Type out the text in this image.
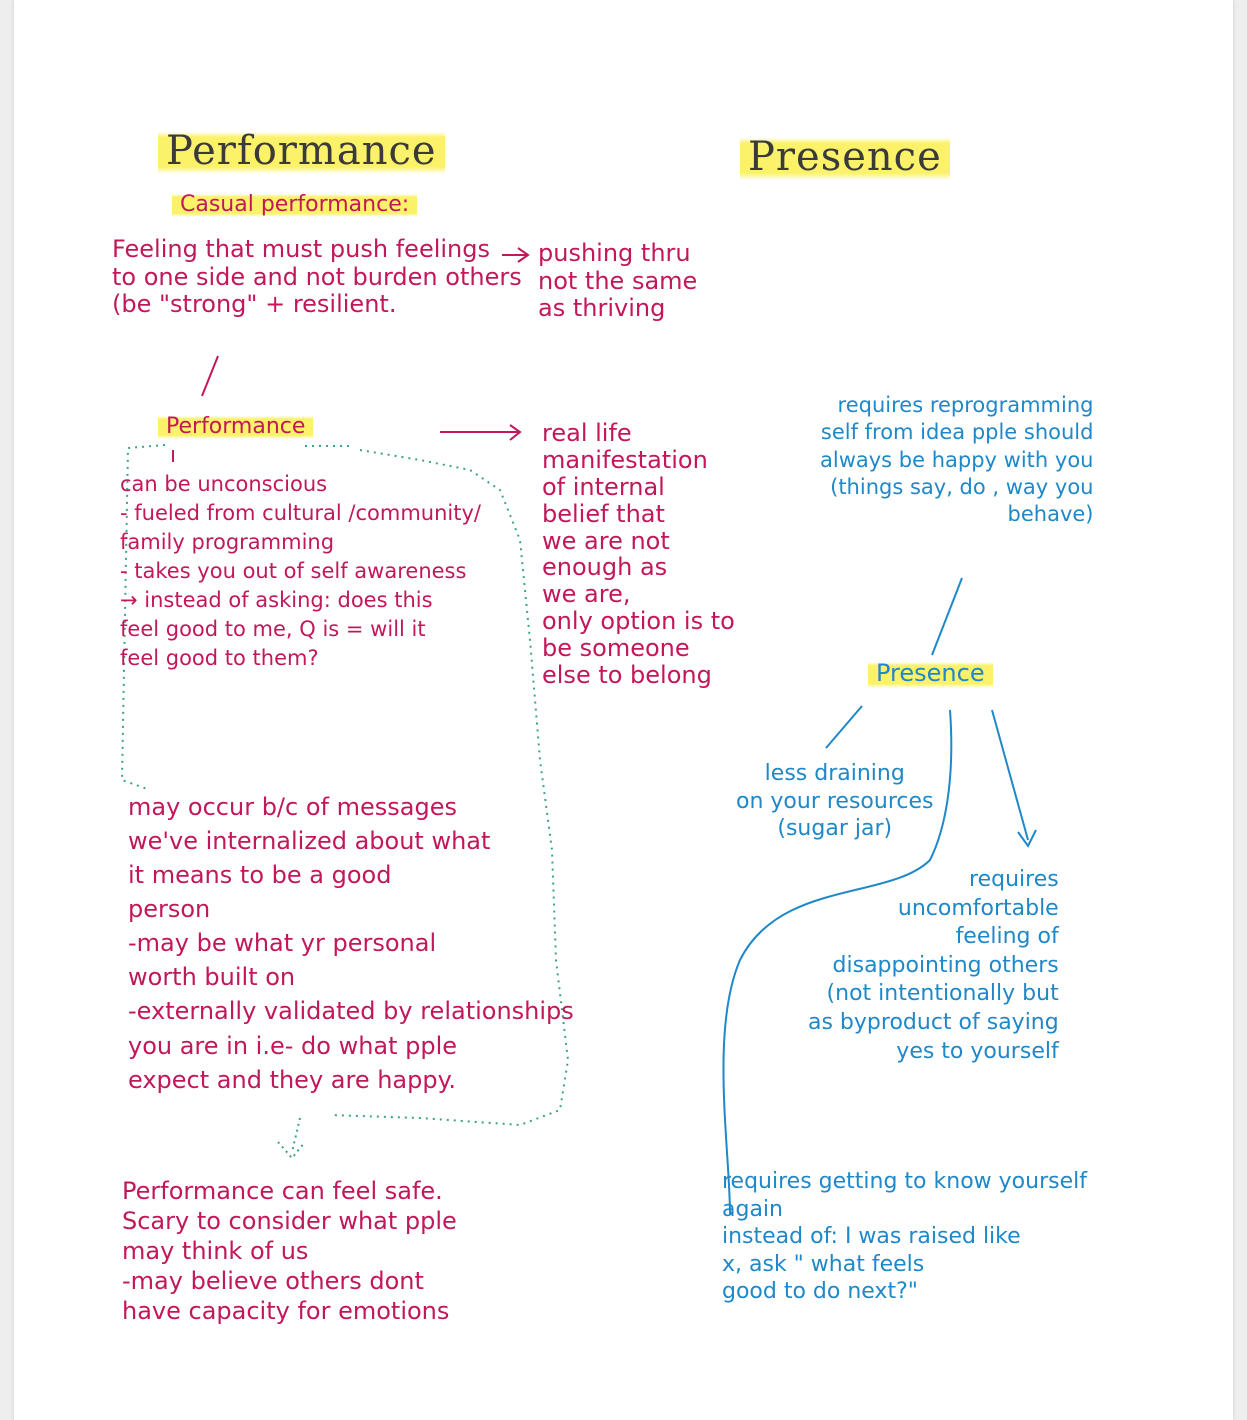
Performance
Casual performance:
Feeling that must push feelings
to one side and not burden others
(be "strong" + resilient.
pushing thru
not the same
as thriving
Performance
can be unconscious
- fueled from cultural /community/
family programming
- takes you out of self awareness
→ instead of asking: does this
feel good to me, Q is = will it
feel good to them?
real life
manifestation
of internal
belief that
we are not
enough as
we are,
only option is to
be someone
else to belong
may occur b/c of messages
we've internalized about what
it means to be a good
person
-may be what yr personal
worth built on
-externally validated by relationships
you are in i.e- do what pple
expect and they are happy.
Performance can feel safe.
Scary to consider what pple
may think of us
-may believe others dont
have capacity for emotions
Presence
requires reprogramming
self from idea pple should
always be happy with you
(things say, do , way you
behave)
Presence
less draining
on your resources
(sugar jar)
requires
uncomfortable
feeling of
disappointing others
(not intentionally but
as byproduct of saying
yes to yourself
requires getting to know yourself
again
instead of: I was raised like
x, ask " what feels
good to do next?"
